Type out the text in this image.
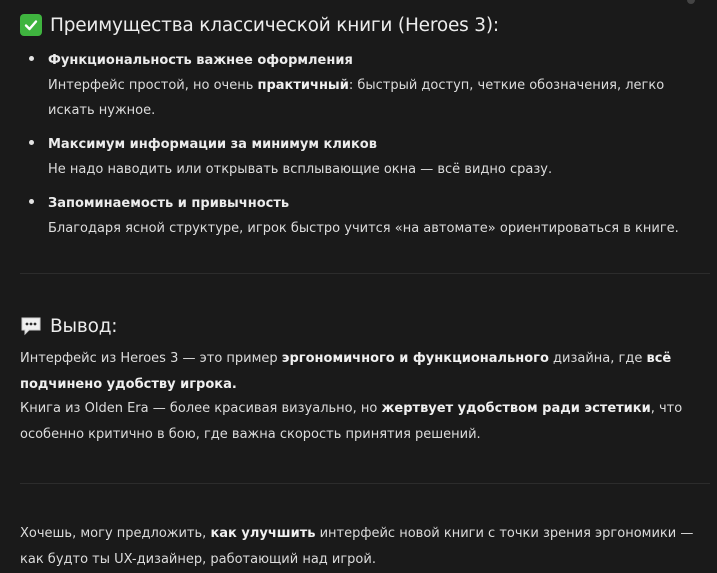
Преимущества классической книги (Heroes 3):
Функциональность важнее оформления
Интерфейс простой, но очень практичный: быстрый доступ, четкие обозначения, легко искать нужное.
Максимум информации за минимум кликов
Не надо наводить или открывать всплывающие окна — всё видно сразу.
Запоминаемость и привычность
Благодаря ясной структуре, игрок быстро учится «на автомате» ориентироваться в книге.
Вывод:

Интерфейс из Heroes 3 — это пример эргономичного и функционального дизайна, где всё подчинено удобству игрока.

Книга из Olden Era — более красивая визуально, но жертвует удобством ради эстетики, что особенно критично в бою, где важна скорость принятия решений.

Хочешь, могу предложить, как улучшить интерфейс новой книги с точки зрения эргономики — как будто ты UX-дизайнер, работающий над игрой.
